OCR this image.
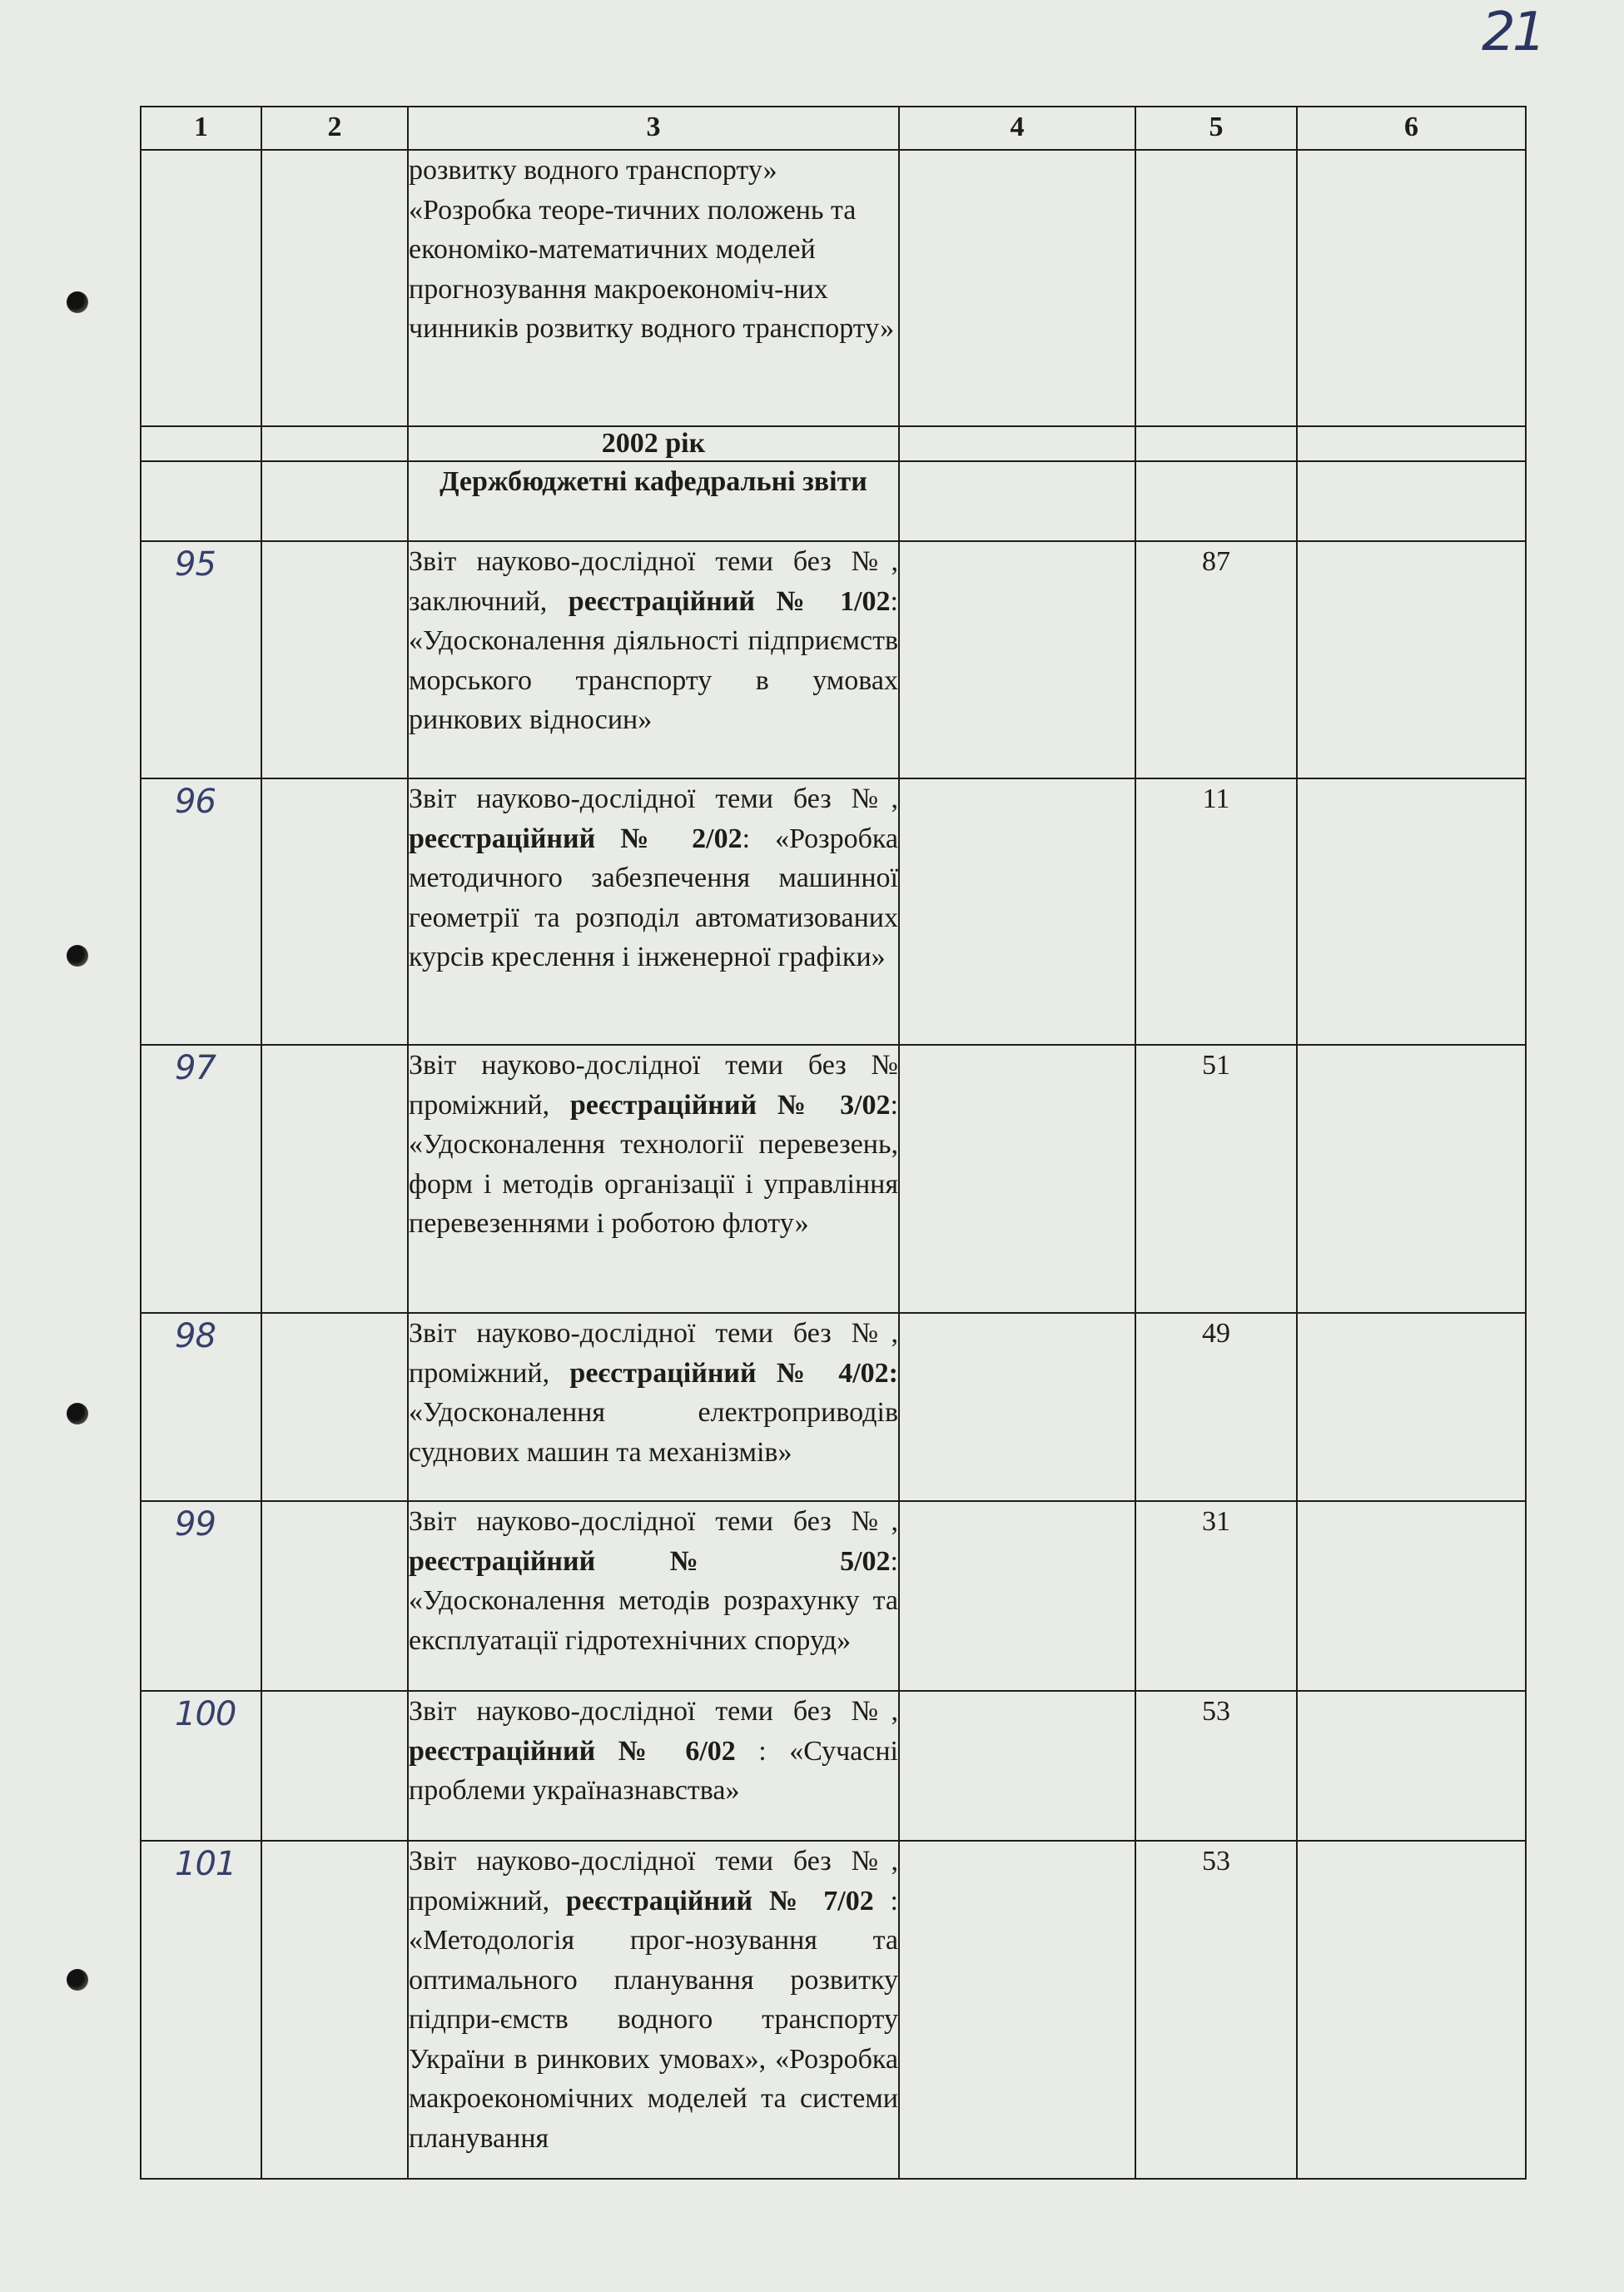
21
1	2	3	4	5	6
		розвитку водного транспорту» «Розробка теоре-тичних положень та економіко-математичних моделей прогнозування макроекономіч-них чинників розвитку водного транспорту»			
		2002 рік			
		Держбюджетні кафедральні звіти			
95		Звіт науково-дослідної теми без №, заключний, реєстраційний № 1/02: «Удосконалення діяльності підприємств морського транспорту в умовах ринкових відносин»		87	
96		Звіт науково-дослідної теми без №, реєстраційний № 2/02: «Розробка методичного забезпечення машинної геометрії та розподіл автоматизованих курсів креслення і інженерної графіки»		11	
97		Звіт науково-дослідної теми без № проміжний, реєстраційний № 3/02: «Удосконалення технології перевезень, форм і методів організації і управління перевезеннями і роботою флоту»		51	
98		Звіт науково-дослідної теми без №, проміжний, реєстраційний № 4/02: «Удосконалення електроприводів суднових машин та механізмів»		49	
99		Звіт науково-дослідної теми без №, реєстраційний № 5/02: «Удосконалення методів розрахунку та експлуатації гідротехнічних споруд»		31	
100		Звіт науково-дослідної теми без №, реєстраційний № 6/02 : «Сучасні проблеми україназнавства»		53	
101		Звіт науково-дослідної теми без №, проміжний, реєстраційний № 7/02 : «Методологія прог-нозування та оптимального планування розвитку підпри-ємств водного транспорту України в ринкових умовах», «Розробка макроекономічних моделей та системи планування		53	
